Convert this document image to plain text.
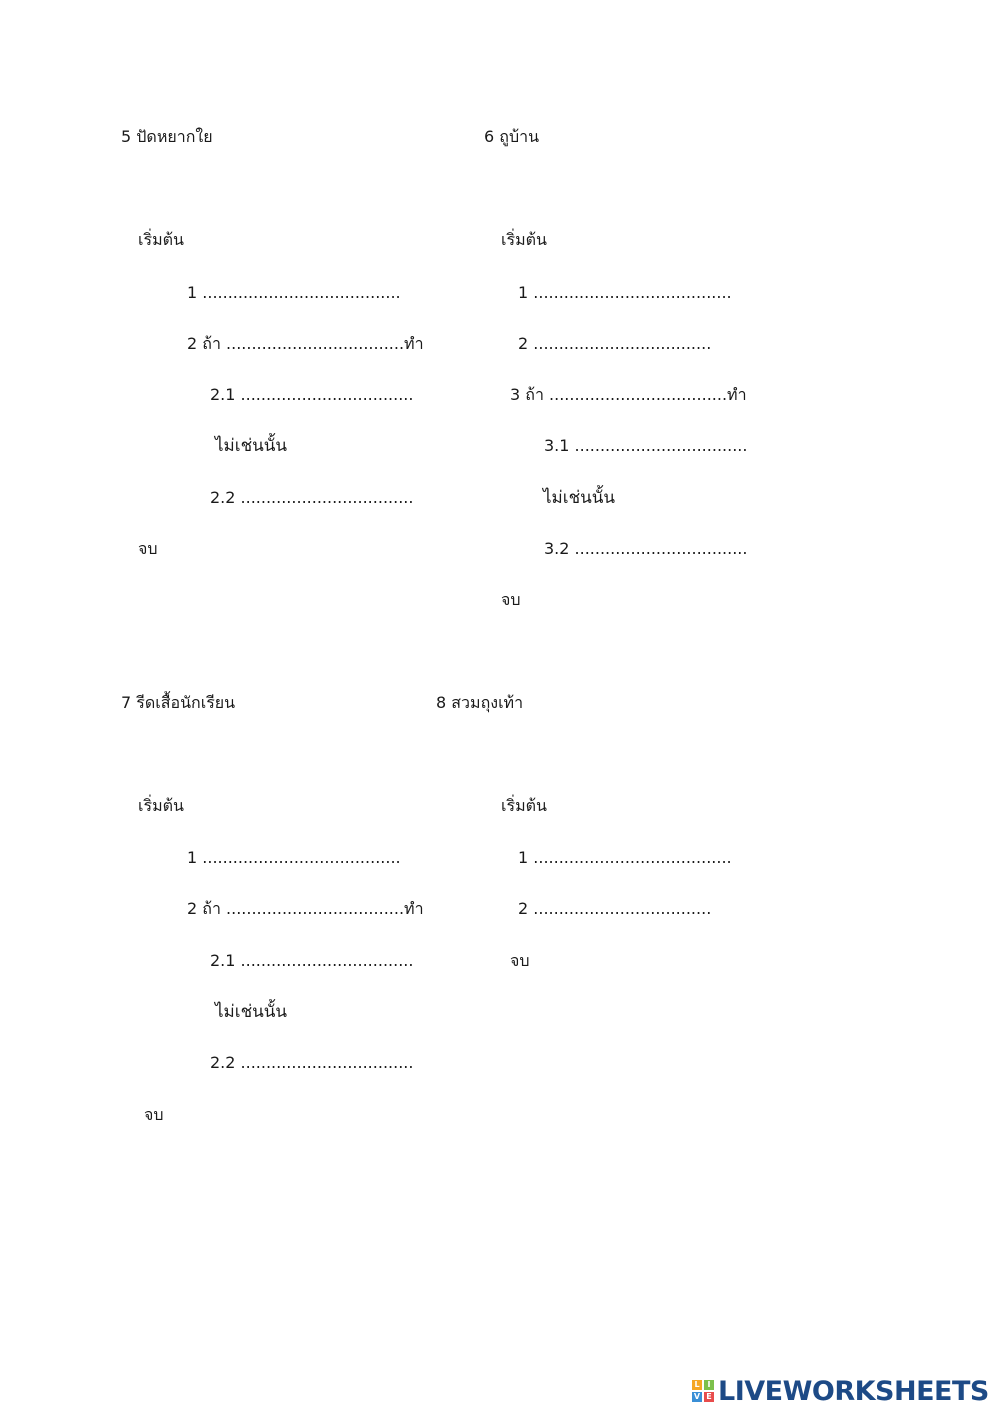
5 ปัดหยากใย
เริ่มต้น
1 .......................................
2 ถ้า ...................................ทำ
2.1 ..................................
ไม่เช่นนั้น
2.2 ..................................
จบ
6 ถูบ้าน
เริ่มต้น
1 .......................................
2 ...................................
3 ถ้า ...................................ทำ
3.1 ..................................
ไม่เช่นนั้น
3.2 ..................................
จบ
7 รีดเสื้อนักเรียน
เริ่มต้น
1 .......................................
2 ถ้า ...................................ทำ
2.1 ..................................
ไม่เช่นนั้น
2.2 ..................................
จบ
8 สวมถุงเท้า
เริ่มต้น
1 .......................................
2 ...................................
จบ
L I
V E LIVEWORKSHEETS
